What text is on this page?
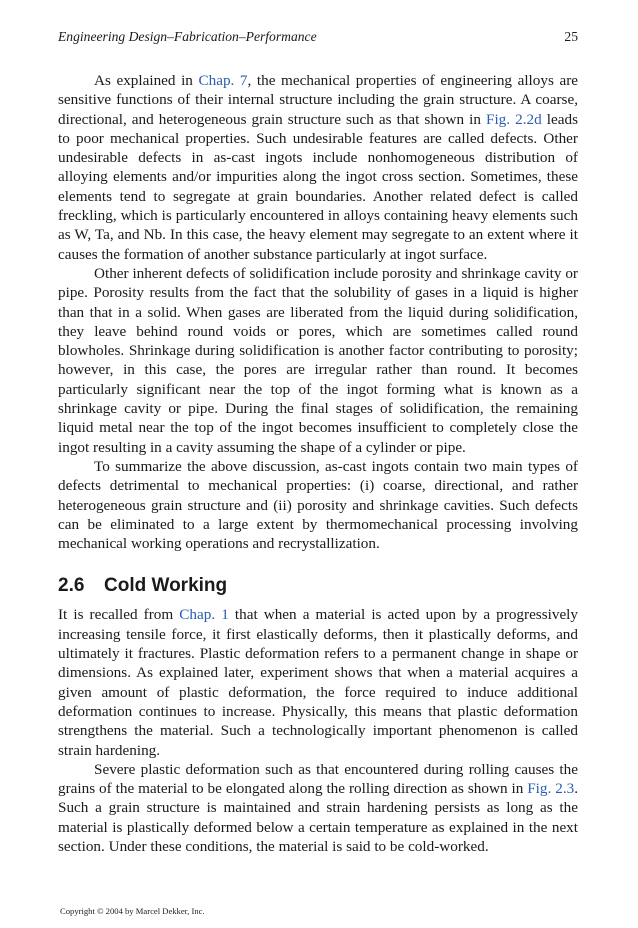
Engineering Design–Fabrication–Performance	25

As explained in Chap. 7, the mechanical properties of engineering alloys are sensitive functions of their internal structure including the grain structure. A coarse, directional, and heterogeneous grain structure such as that shown in Fig. 2.2d leads to poor mechanical properties. Such undesirable features are called defects. Other undesirable defects in as-cast ingots include nonhomogeneous distribution of alloying elements and/or impurities along the ingot cross section. Sometimes, these elements tend to segregate at grain boundaries. Another related defect is called freckling, which is particularly encountered in alloys containing heavy elements such as W, Ta, and Nb. In this case, the heavy element may segregate to an extent where it causes the formation of another substance particularly at ingot surface.

Other inherent defects of solidification include porosity and shrinkage cavity or pipe. Porosity results from the fact that the solubility of gases in a liquid is higher than that in a solid. When gases are liberated from the liquid during solidification, they leave behind round voids or pores, which are sometimes called round blowholes. Shrinkage during solidification is another factor contributing to porosity; however, in this case, the pores are irregular rather than round. It becomes particularly significant near the top of the ingot forming what is known as a shrinkage cavity or pipe. During the final stages of solidification, the remaining liquid metal near the top of the ingot becomes insufficient to completely close the ingot resulting in a cavity assuming the shape of a cylinder or pipe.

To summarize the above discussion, as-cast ingots contain two main types of defects detrimental to mechanical properties: (i) coarse, directional, and rather heterogeneous grain structure and (ii) porosity and shrinkage cavities. Such defects can be eliminated to a large extent by thermomechanical processing involving mechanical working operations and recrystallization.

2.6 Cold Working

It is recalled from Chap. 1 that when a material is acted upon by a progressively increasing tensile force, it first elastically deforms, then it plastically deforms, and ultimately it fractures. Plastic deformation refers to a permanent change in shape or dimensions. As explained later, experiment shows that when a material acquires a given amount of plastic deformation, the force required to induce additional deformation continues to increase. Physically, this means that plastic deformation strengthens the material. Such a technologically important phenomenon is called strain hardening.

Severe plastic deformation such as that encountered during rolling causes the grains of the material to be elongated along the rolling direction as shown in Fig. 2.3. Such a grain structure is maintained and strain hardening persists as long as the material is plastically deformed below a certain temperature as explained in the next section. Under these conditions, the material is said to be cold-worked.

Copyright © 2004 by Marcel Dekker, Inc.
